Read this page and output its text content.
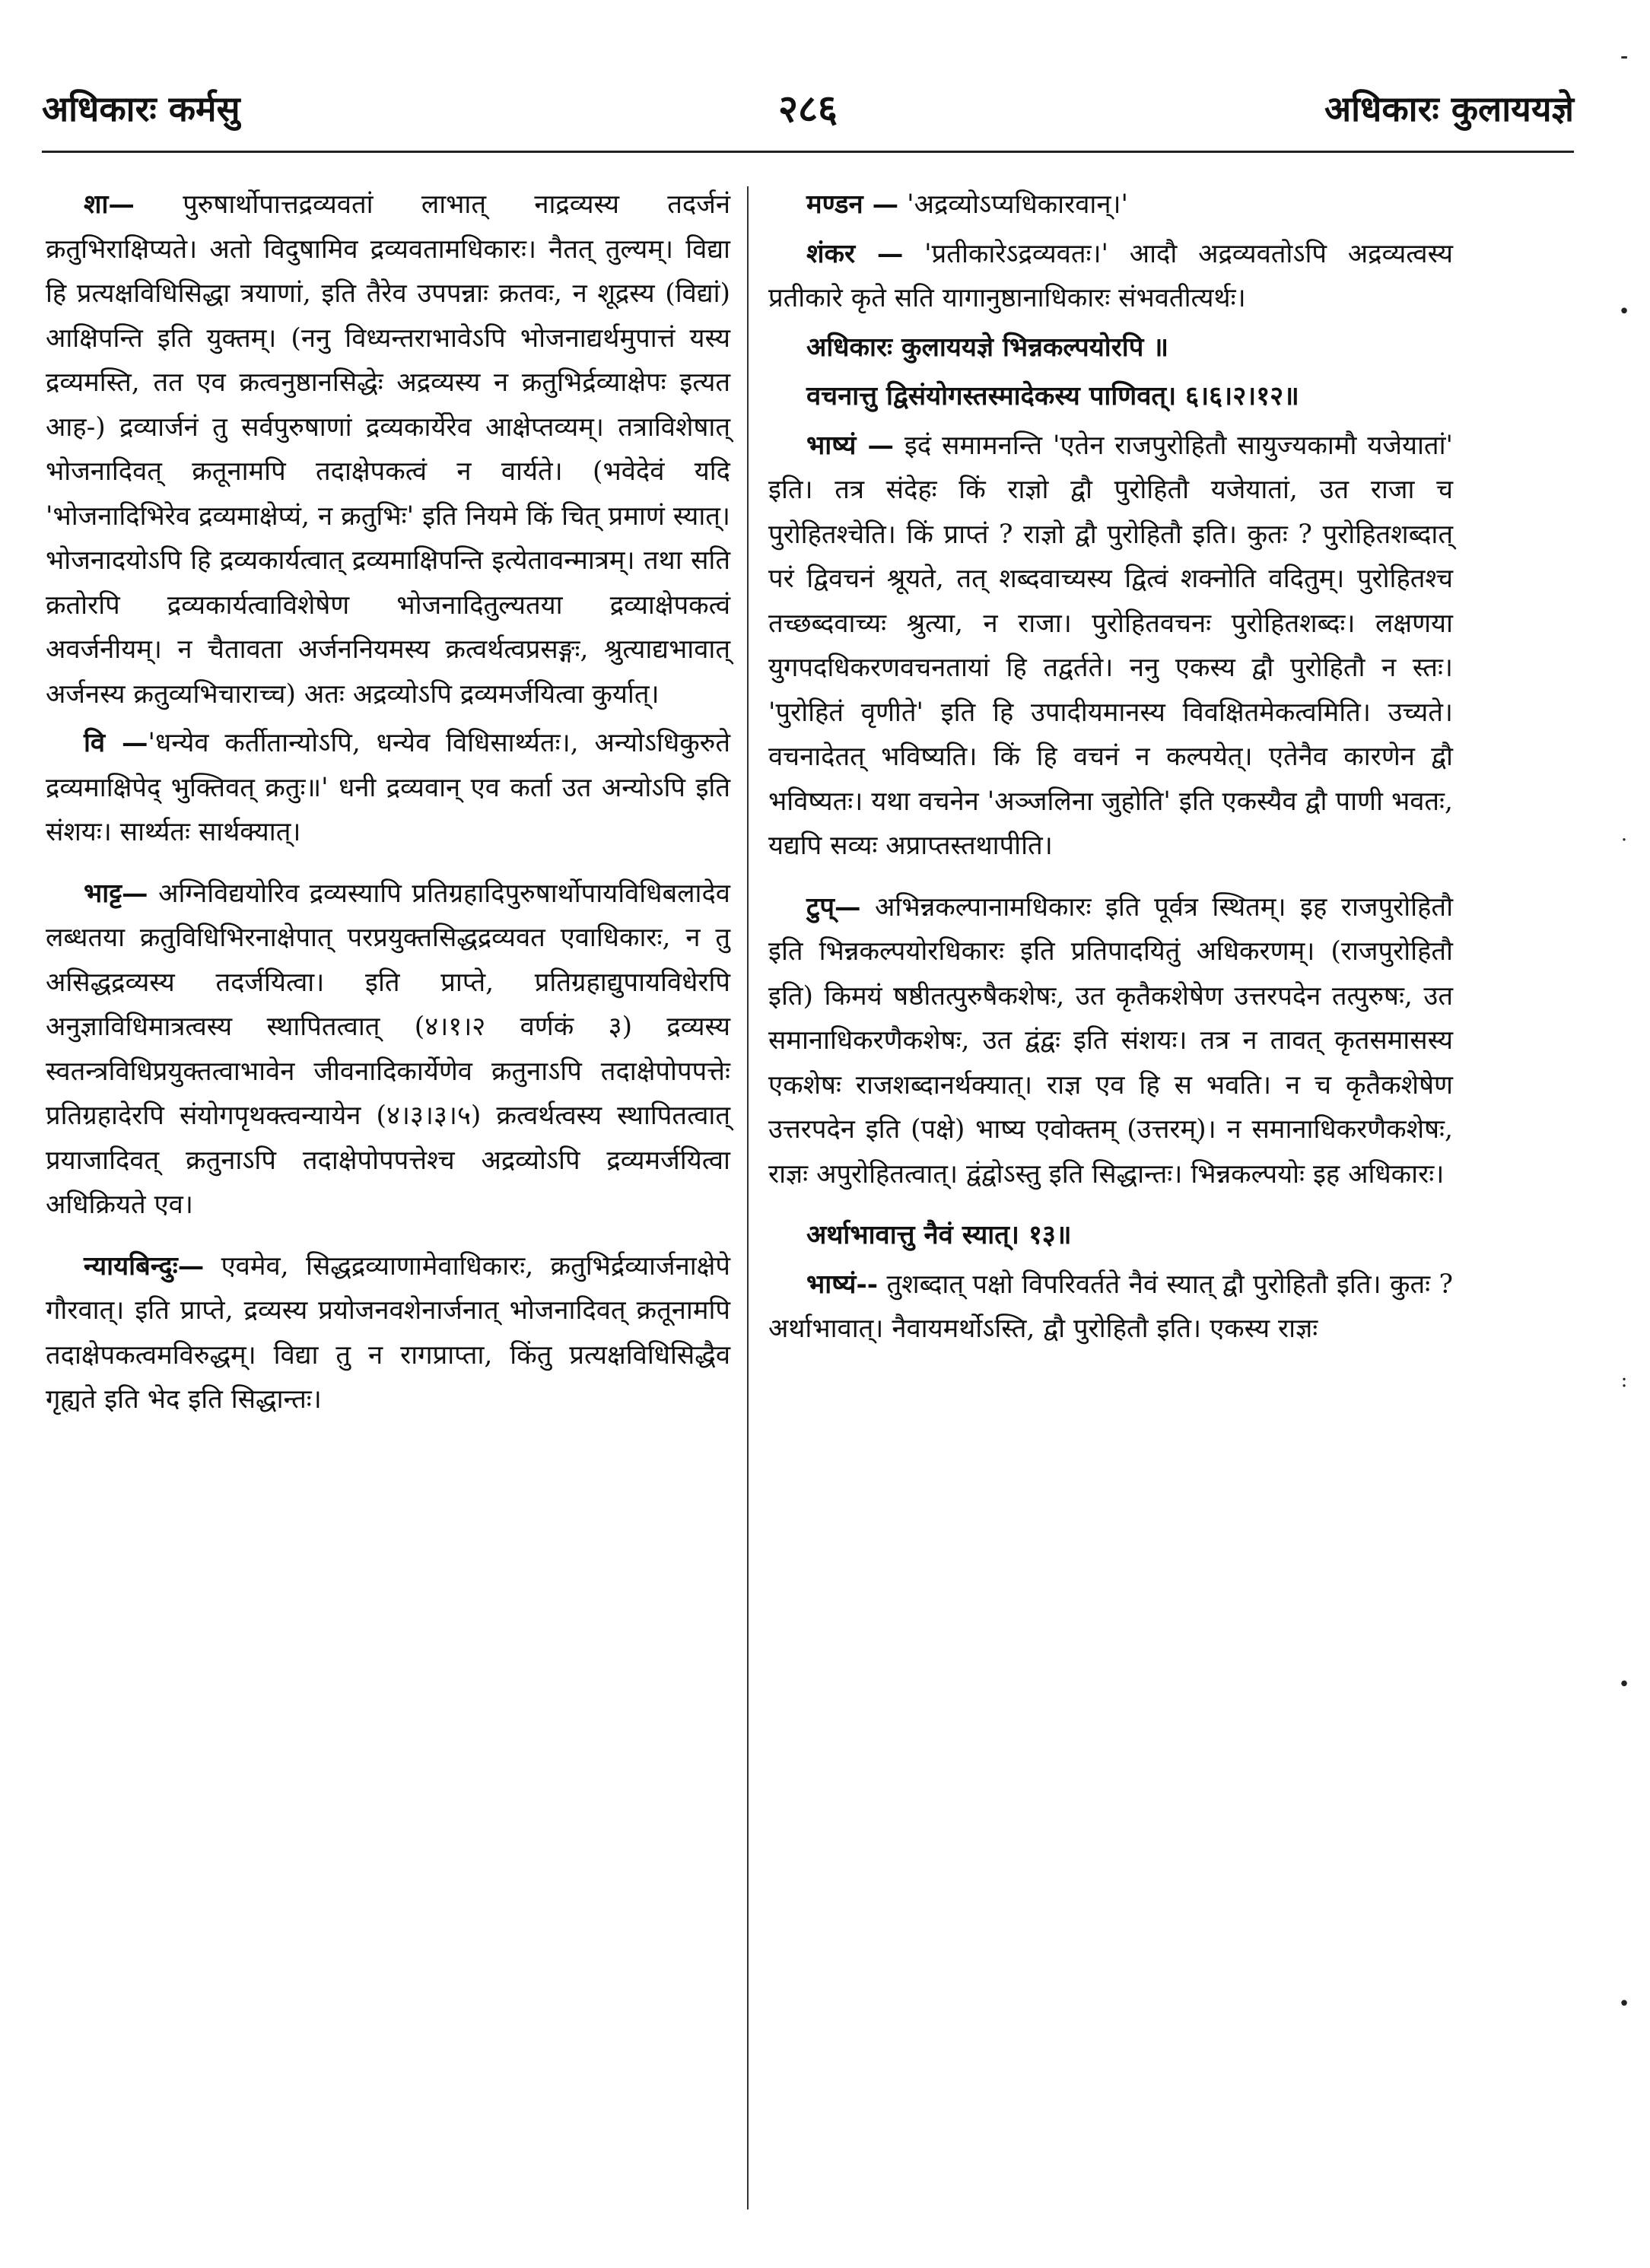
अधिकारः कर्मसु	२८६	अधिकारः कुलाययज्ञे

शा— पुरुषार्थोपात्तद्रव्यवतां लाभात् नाद्रव्यस्य तदर्जनं क्रतुभिराक्षिप्यते। अतो विदुषामिव द्रव्यवतामधिकारः। नैतत् तुल्यम्। विद्या हि प्रत्यक्षविधिसिद्धा त्रयाणां, इति तैरेव उपपन्नाः क्रतवः, न शूद्रस्य (विद्यां) आक्षिपन्ति इति युक्तम्। (ननु विध्यन्तराभावेऽपि भोजनाद्यर्थमुपात्तं यस्य द्रव्यमस्ति, तत एव क्रत्वनुष्ठानसिद्धेः अद्रव्यस्य न क्रतुभिर्द्रव्याक्षेपः इत्यत आह-) द्रव्यार्जनं तु सर्वपुरुषाणां द्रव्यकार्येरेव आक्षेप्तव्यम्। तत्राविशेषात् भोजनादिवत् क्रतूनामपि तदाक्षेपकत्वं न वार्यते। (भवेदेवं यदि 'भोजनादिभिरेव द्रव्यमाक्षेप्यं, न क्रतुभिः' इति नियमे किं चित् प्रमाणं स्यात्। भोजनादयोऽपि हि द्रव्यकार्यत्वात् द्रव्यमाक्षिपन्ति इत्येतावन्मात्रम्। तथा सति क्रतोरपि द्रव्यकार्यत्वाविशेषेण भोजनादितुल्यतया द्रव्याक्षेपकत्वं अवर्जनीयम्। न चैतावता अर्जननियमस्य क्रत्वर्थत्वप्रसङ्गः, श्रुत्याद्यभावात् अर्जनस्य क्रतुव्यभिचाराच्च) अतः अद्रव्योऽपि द्रव्यमर्जयित्वा कुर्यात्।

वि —'धन्येव कर्तीतान्योऽपि, धन्येव विधिसार्थ्यतः।, अन्योऽधिकुरुते द्रव्यमाक्षिपेद् भुक्तिवत् क्रतुः॥' धनी द्रव्यवान् एव कर्ता उत अन्योऽपि इति संशयः। सार्थ्यतः सार्थक्यात्।

भाट्ट— अग्निविद्ययोरिव द्रव्यस्यापि प्रतिग्रहादिपुरुषार्थोपायविधिबलादेव लब्धतया क्रतुविधिभिरनाक्षेपात् परप्रयुक्तसिद्धद्रव्यवत एवाधिकारः, न तु असिद्धद्रव्यस्य तदर्जयित्वा। इति प्राप्ते, प्रतिग्रहाद्युपायविधेरपि अनुज्ञाविधिमात्रत्वस्य स्थापितत्वात् (४।१।२ वर्णकं ३) द्रव्यस्य स्वतन्त्रविधिप्रयुक्तत्वाभावेन जीवनादिकार्येणेव क्रतुनाऽपि तदाक्षेपोपपत्तेः प्रतिग्रहादेरपि संयोगपृथक्त्वन्यायेन (४।३।३।५) क्रत्वर्थत्वस्य स्थापितत्वात् प्रयाजादिवत् क्रतुनाऽपि तदाक्षेपोपपत्तेश्च अद्रव्योऽपि द्रव्यमर्जयित्वा अधिक्रियते एव।

न्यायबिन्दुः— एवमेव, सिद्धद्रव्याणामेवाधिकारः, क्रतुभिर्द्रव्यार्जनाक्षेपे गौरवात्। इति प्राप्ते, द्रव्यस्य प्रयोजनवशेनार्जनात् भोजनादिवत् क्रतूनामपि तदाक्षेपकत्वमविरुद्धम्। विद्या तु न रागप्राप्ता, किंतु प्रत्यक्षविधिसिद्धैव गृह्यते इति भेद इति सिद्धान्तः।

मण्डन — 'अद्रव्योऽप्यधिकारवान्।'

शंकर — 'प्रतीकारेऽद्रव्यवतः।' आदौ अद्रव्यवतोऽपि अद्रव्यत्वस्य प्रतीकारे कृते सति यागानुष्ठानाधिकारः संभवतीत्यर्थः।

अधिकारः कुलाययज्ञे भिन्नकल्पयोरपि ॥

वचनात्तु द्विसंयोगस्तस्मादेकस्य पाणिवत्। ६।६।२।१२॥

भाष्यं — इदं समामनन्ति 'एतेन राजपुरोहितौ सायुज्यकामौ यजेयातां' इति। तत्र संदेहः किं राज्ञो द्वौ पुरोहितौ यजेयातां, उत राजा च पुरोहितश्चेति। किं प्राप्तं ? राज्ञो द्वौ पुरोहितौ इति। कुतः ? पुरोहितशब्दात् परं द्विवचनं श्रूयते, तत् शब्दवाच्यस्य द्वित्वं शक्नोति वदितुम्। पुरोहितश्च तच्छब्दवाच्यः श्रुत्या, न राजा। पुरोहितवचनः पुरोहितशब्दः। लक्षणया युगपदधिकरणवचनतायां हि तद्वर्तते। ननु एकस्य द्वौ पुरोहितौ न स्तः। 'पुरोहितं वृणीते' इति हि उपादीयमानस्य विवक्षितमेकत्वमिति। उच्यते। वचनादेतत् भविष्यति। किं हि वचनं न कल्पयेत्। एतेनैव कारणेन द्वौ भविष्यतः। यथा वचनेन 'अञ्जलिना जुहोति' इति एकस्यैव द्वौ पाणी भवतः, यद्यपि सव्यः अप्राप्तस्तथापीति।

टुप्— अभिन्नकल्पानामधिकारः इति पूर्वत्र स्थितम्। इह राजपुरोहितौ इति भिन्नकल्पयोरधिकारः इति प्रतिपादयितुं अधिकरणम्। (राजपुरोहितौ इति) किमयं षष्ठीतत्पुरुषैकशेषः, उत कृतैकशेषेण उत्तरपदेन तत्पुरुषः, उत समानाधिकरणैकशेषः, उत द्वंद्वः इति संशयः। तत्र न तावत् कृतसमासस्य एकशेषः राजशब्दानर्थक्यात्। राज्ञ एव हि स भवति। न च कृतैकशेषेण उत्तरपदेन इति (पक्षे) भाष्य एवोक्तम् (उत्तरम्)। न समानाधिकरणैकशेषः, राज्ञः अपुरोहितत्वात्। द्वंद्वोऽस्तु इति सिद्धान्तः। भिन्नकल्पयोः इह अधिकारः।

अर्थाभावात्तु नैवं स्यात्। १३॥

भाष्यं-- तुशब्दात् पक्षो विपरिवर्तते नैवं स्यात् द्वौ पुरोहितौ इति। कुतः ? अर्थाभावात्। नैवायमर्थोऽस्ति, द्वौ पुरोहितौ इति। एकस्य राज्ञः

⁃
•
·
:
•
•
